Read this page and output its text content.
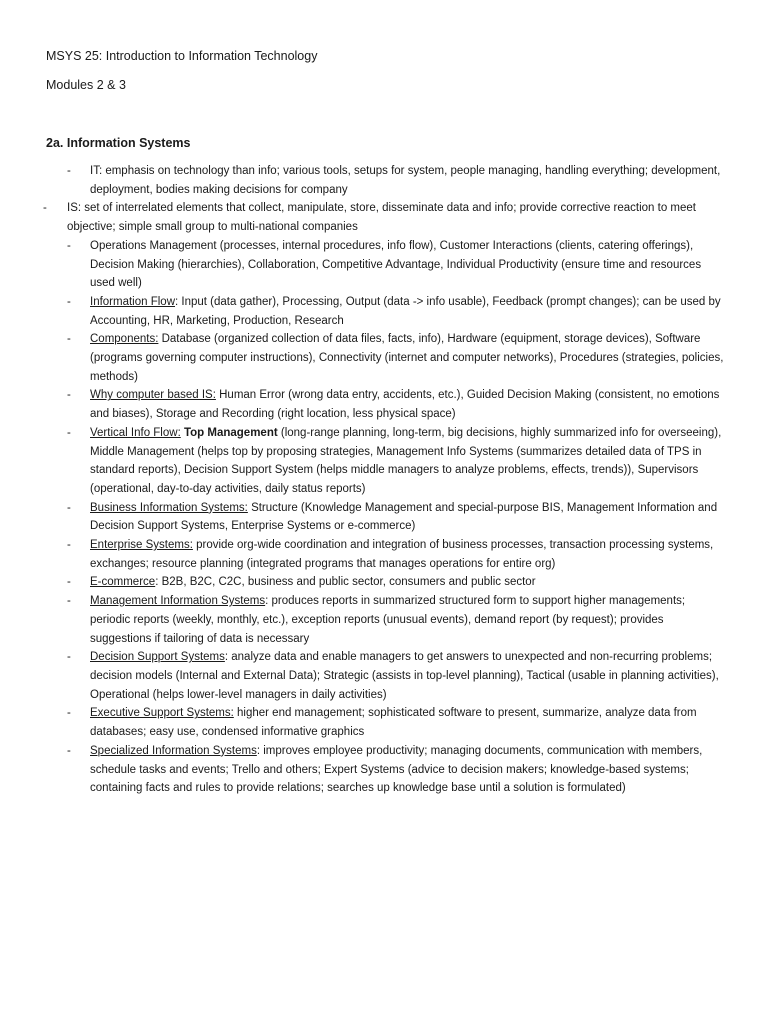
MSYS 25: Introduction to Information Technology
Modules 2 & 3
2a. Information Systems
-	IT: emphasis on technology than info; various tools, setups for system, people managing, handling everything; development, deployment, bodies making decisions for company
-	IS: set of interrelated elements that collect, manipulate, store, disseminate data and info; provide corrective reaction to meet objective; simple small group to multi-national companies
-	Operations Management (processes, internal procedures, info flow), Customer Interactions (clients, catering offerings), Decision Making (hierarchies), Collaboration, Competitive Advantage, Individual Productivity (ensure time and resources used well)
-	Information Flow: Input (data gather), Processing, Output (data -> info usable), Feedback (prompt changes); can be used by Accounting, HR, Marketing, Production, Research
-	Components: Database (organized collection of data files, facts, info), Hardware (equipment, storage devices), Software (programs governing computer instructions), Connectivity (internet and computer networks), Procedures (strategies, policies, methods)
-	Why computer based IS: Human Error (wrong data entry, accidents, etc.), Guided Decision Making (consistent, no emotions and biases), Storage and Recording (right location, less physical space)
-	Vertical Info Flow: Top Management (long-range planning, long-term, big decisions, highly summarized info for overseeing), Middle Management (helps top by proposing strategies, Management Info Systems (summarizes detailed data of TPS in standard reports), Decision Support System (helps middle managers to analyze problems, effects, trends)), Supervisors (operational, day-to-day activities, daily status reports)
-	Business Information Systems: Structure (Knowledge Management and special-purpose BIS, Management Information and Decision Support Systems, Enterprise Systems or e-commerce)
-	Enterprise Systems: provide org-wide coordination and integration of business processes, transaction processing systems, exchanges; resource planning (integrated programs that manages operations for entire org)
-	E-commerce: B2B, B2C, C2C, business and public sector, consumers and public sector
-	Management Information Systems: produces reports in summarized structured form to support higher managements; periodic reports (weekly, monthly, etc.), exception reports (unusual events), demand report (by request); provides suggestions if tailoring of data is necessary
-	Decision Support Systems: analyze data and enable managers to get answers to unexpected and non-recurring problems; decision models (Internal and External Data); Strategic (assists in top-level planning), Tactical (usable in planning activities), Operational (helps lower-level managers in daily activities)
-	Executive Support Systems: higher end management; sophisticated software to present, summarize, analyze data from databases; easy use, condensed informative graphics
-	Specialized Information Systems: improves employee productivity; managing documents, communication with members, schedule tasks and events; Trello and others; Expert Systems (advice to decision makers; knowledge-based systems; containing facts and rules to provide relations; searches up knowledge base until a solution is formulated)
